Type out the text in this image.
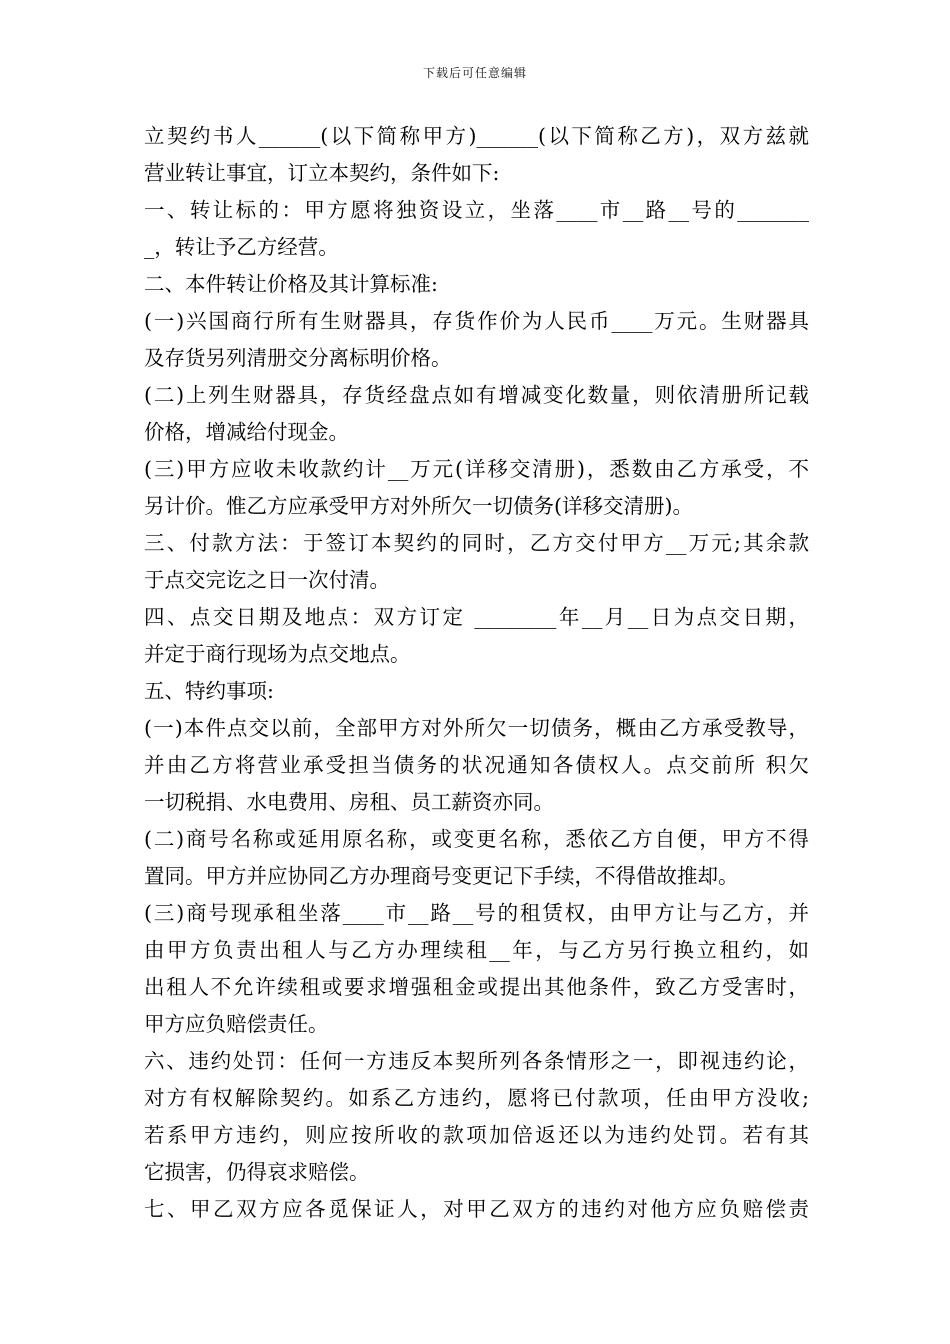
下载后可任意编辑
立契约书人______(以下简称甲方)______(以下简称乙方)，双方兹就
营业转让事宜，订立本契约，条件如下:
一、转让标的：甲方愿将独资设立，坐落____市__路__号的_______
_，转让予乙方经营。
二、本件转让价格及其计算标准:
(一)兴国商行所有生财器具，存货作价为人民币____万元。生财器具
及存货另列清册交分离标明价格。
(二)上列生财器具，存货经盘点如有增减变化数量，则依清册所记载
价格，增减给付现金。
(三)甲方应收未收款约计__万元(详移交清册)，悉数由乙方承受，不
另计价。惟乙方应承受甲方对外所欠一切债务(详移交清册)。
三、付款方法：于签订本契约的同时，乙方交付甲方__万元;其余款
于点交完讫之日一次付清。
四、点交日期及地点：双方订定 ________年__月__日为点交日期，
并定于商行现场为点交地点。
五、特约事项:
(一)本件点交以前，全部甲方对外所欠一切债务，概由乙方承受教导，
并由乙方将营业承受担当债务的状况通知各债权人。点交前所 积欠
一切税捐、水电费用、房租、员工薪资亦同。
(二)商号名称或延用原名称，或变更名称，悉依乙方自便，甲方不得
置同。甲方并应协同乙方办理商号变更记下手续，不得借故推却。
(三)商号现承租坐落____市__路__号的租赁权，由甲方让与乙方，并
由甲方负责出租人与乙方办理续租__年，与乙方另行换立租约，如
出租人不允许续租或要求增强租金或提出其他条件，致乙方受害时，
甲方应负赔偿责任。
六、违约处罚：任何一方违反本契所列各条情形之一，即视违约论，
对方有权解除契约。如系乙方违约，愿将已付款项，任由甲方没收;
若系甲方违约，则应按所收的款项加倍返还以为违约处罚。若有其
它损害，仍得哀求赔偿。
七、甲乙双方应各觅保证人，对甲乙双方的违约对他方应负赔偿责
